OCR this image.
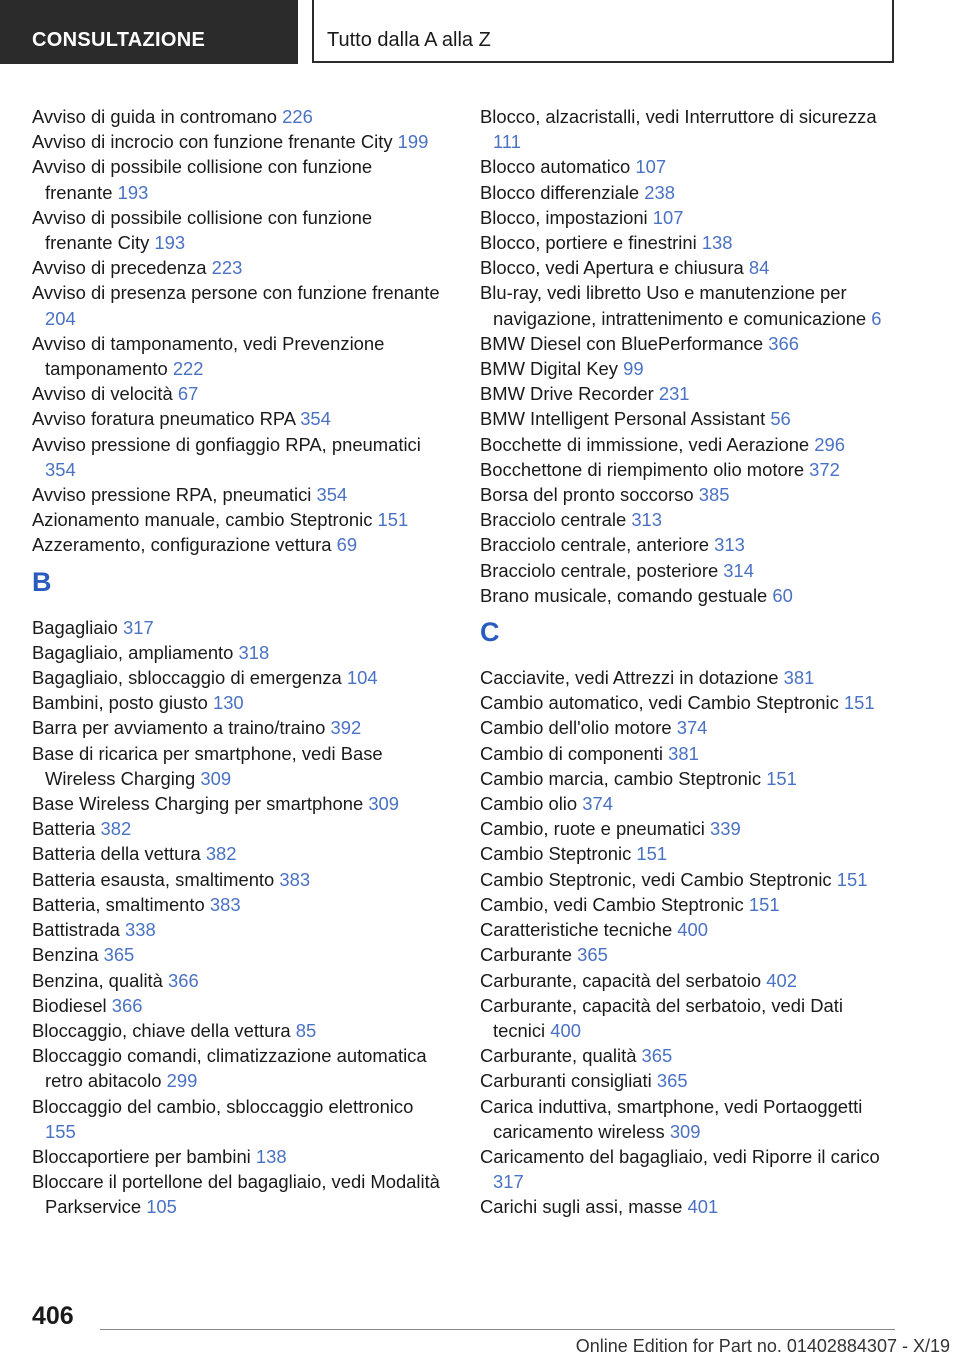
CONSULTAZIONE	Tutto dalla A alla Z

Avviso di guida in contromano 226

Avviso di incrocio con funzione frenante City 199

Avviso di possibile collisione con funzione frenante 193

Avviso di possibile collisione con funzione frenante City 193

Avviso di precedenza 223

Avviso di presenza persone con funzione frenante 204

Avviso di tamponamento, vedi Prevenzione tamponamento 222

Avviso di velocità 67

Avviso foratura pneumatico RPA 354

Avviso pressione di gonfiaggio RPA, pneumatici 354

Avviso pressione RPA, pneumatici 354

Azionamento manuale, cambio Steptronic 151

Azzeramento, configurazione vettura 69

B

Bagagliaio 317

Bagagliaio, ampliamento 318

Bagagliaio, sbloccaggio di emergenza 104

Bambini, posto giusto 130

Barra per avviamento a traino/traino 392

Base di ricarica per smartphone, vedi Base Wireless Charging 309

Base Wireless Charging per smartphone 309

Batteria 382

Batteria della vettura 382

Batteria esausta, smaltimento 383

Batteria, smaltimento 383

Battistrada 338

Benzina 365

Benzina, qualità 366

Biodiesel 366

Bloccaggio, chiave della vettura 85

Bloccaggio comandi, climatizzazione automatica retro abitacolo 299

Bloccaggio del cambio, sbloccaggio elettronico 155

Bloccaportiere per bambini 138

Bloccare il portellone del bagagliaio, vedi Modalità Parkservice 105

Blocco, alzacristalli, vedi Interruttore di sicurezza 111

Blocco automatico 107

Blocco differenziale 238

Blocco, impostazioni 107

Blocco, portiere e finestrini 138

Blocco, vedi Apertura e chiusura 84

Blu-ray, vedi libretto Uso e manutenzione per navigazione, intrattenimento e comunicazione 6

BMW Diesel con BluePerformance 366

BMW Digital Key 99

BMW Drive Recorder 231

BMW Intelligent Personal Assistant 56

Bocchette di immissione, vedi Aerazione 296

Bocchettone di riempimento olio motore 372

Borsa del pronto soccorso 385

Bracciolo centrale 313

Bracciolo centrale, anteriore 313

Bracciolo centrale, posteriore 314

Brano musicale, comando gestuale 60

C

Cacciavite, vedi Attrezzi in dotazione 381

Cambio automatico, vedi Cambio Steptronic 151

Cambio dell'olio motore 374

Cambio di componenti 381

Cambio marcia, cambio Steptronic 151

Cambio olio 374

Cambio, ruote e pneumatici 339

Cambio Steptronic 151

Cambio Steptronic, vedi Cambio Steptronic 151

Cambio, vedi Cambio Steptronic 151

Caratteristiche tecniche 400

Carburante 365

Carburante, capacità del serbatoio 402

Carburante, capacità del serbatoio, vedi Dati tecnici 400

Carburante, qualità 365

Carburanti consigliati 365

Carica induttiva, smartphone, vedi Portaoggetti caricamento wireless 309

Caricamento del bagagliaio, vedi Riporre il carico 317

Carichi sugli assi, masse 401

406
Online Edition for Part no. 01402884307 - X/19
